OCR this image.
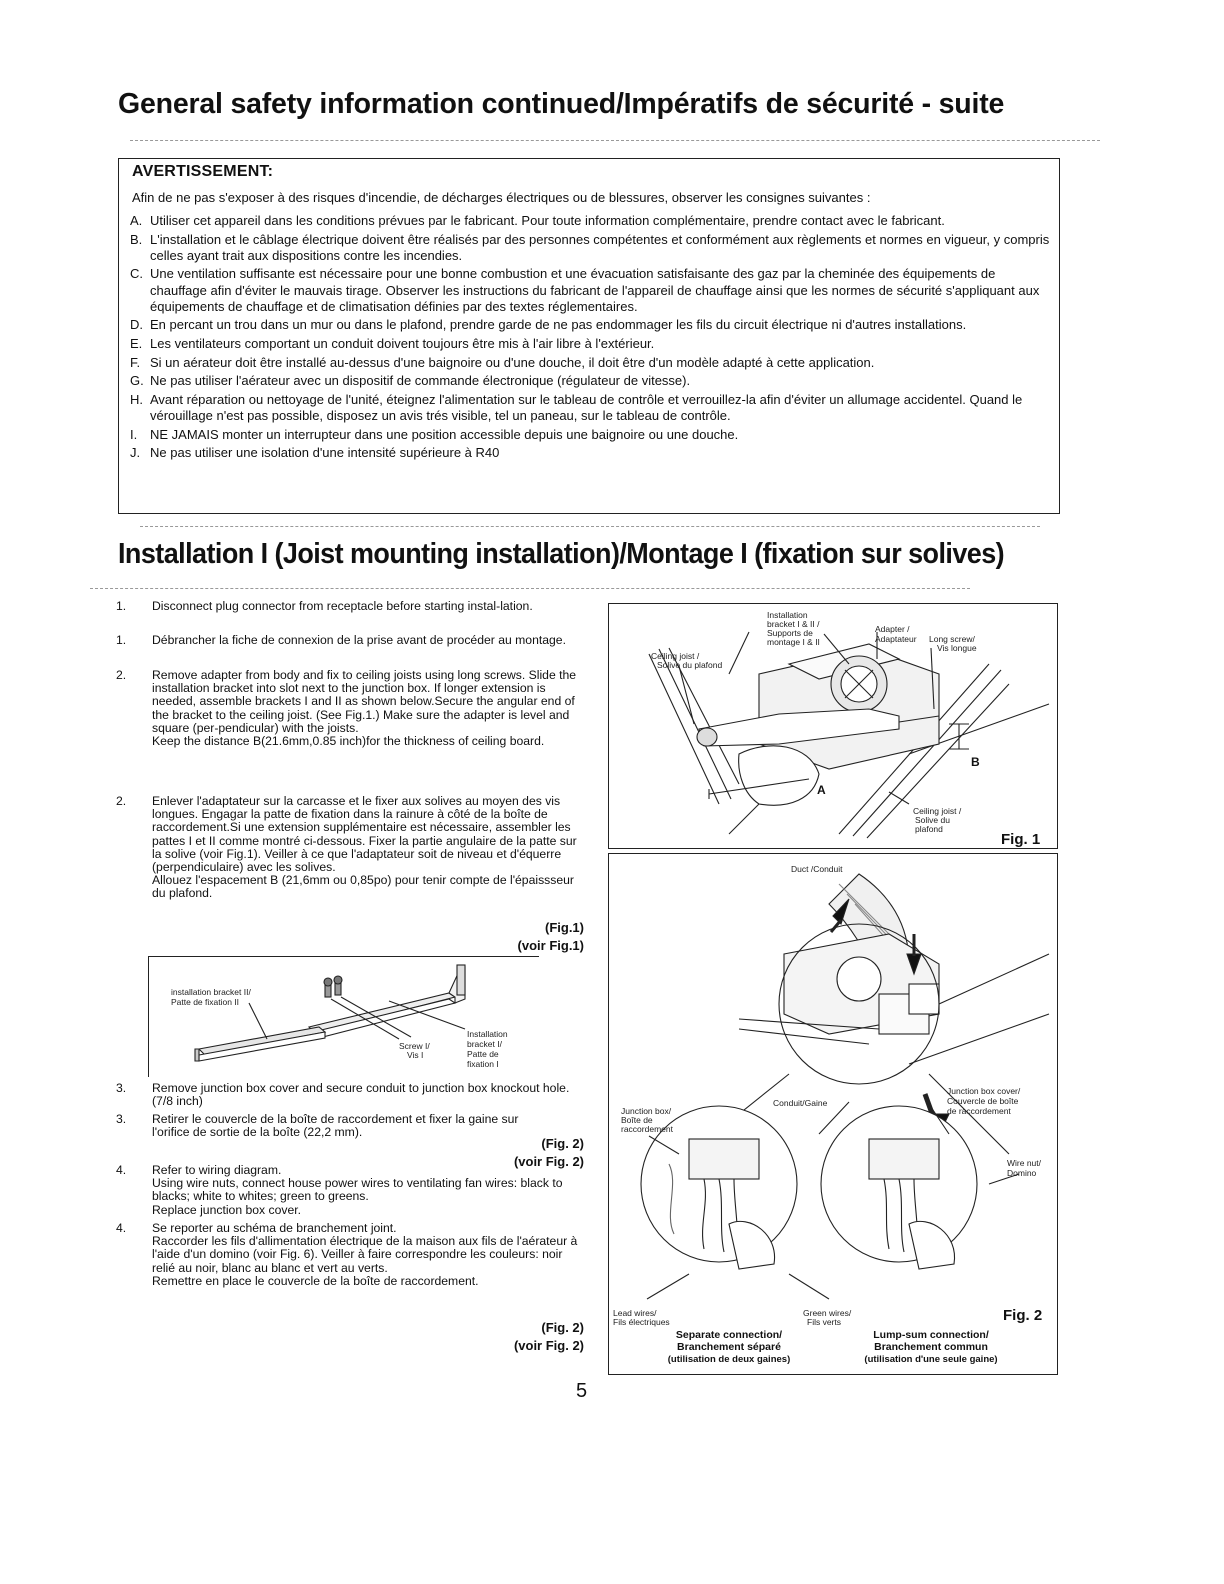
General safety information continued/Impératifs de sécurité - suite
AVERTISSEMENT:
Afin de ne pas s'exposer à des risques d'incendie, de décharges électriques ou de blessures, observer les consignes suivantes :
A. Utiliser cet appareil dans les conditions prévues par le fabricant. Pour toute information complémentaire, prendre contact avec le fabricant.
B. L'installation et le câblage électrique doivent être réalisés par des personnes compétentes et conformément aux règlements et normes en vigueur, y compris celles ayant trait aux dispositions contre les incendies.
C. Une ventilation suffisante est nécessaire pour une bonne combustion et une évacuation satisfaisante des gaz par la cheminée des équipements de chauffage afin d'éviter le mauvais tirage. Observer les instructions du fabricant de l'appareil de chauffage ainsi que les normes de sécurité s'appliquant aux équipements de chauffage et de climatisation définies par des textes réglementaires.
D. En percant un trou dans un mur ou dans le plafond, prendre garde de ne pas endommager les fils du circuit électrique ni d'autres installations.
E. Les ventilateurs comportant un conduit doivent toujours être mis à l'air libre à l'extérieur.
F. Si un aérateur doit être installé au-dessus d'une baignoire ou d'une douche, il doit être d'un modèle adapté à cette application.
G. Ne pas utiliser l'aérateur avec un dispositif de commande électronique (régulateur de vitesse).
H. Avant réparation ou nettoyage de l'unité, éteignez l'alimentation sur le tableau de contrôle et verrouillez-la afin d'éviter un allumage accidentel. Quand le vérouillage n'est pas possible, disposez un avis trés visible, tel un paneau, sur le tableau de contrôle.
I. NE JAMAIS monter un interrupteur dans une position accessible depuis une baignoire ou une douche.
J. Ne pas utiliser une isolation d'une intensité supérieure à R40
Installation I (Joist mounting installation)/Montage I (fixation sur solives)
1. Disconnect plug connector from receptacle before starting instal-lation.
1. Débrancher la fiche de connexion de la prise avant de procéder au montage.
2. Remove adapter from body and fix to ceiling joists using long screws. Slide the installation bracket into slot next to the junction box. If longer extension is needed, assemble brackets I and II as shown below.Secure the angular end of the bracket to the ceiling joist. (See Fig.1.) Make sure the adapter is level and square (per-pendicular) with the joists.
Keep the distance B(21.6mm,0.85 inch)for the thickness of ceiling board.
2. Enlever l'adaptateur sur la carcasse et le fixer aux solives au moyen des vis longues. Engagar la patte de fixation dans la rainure à côté de la boîte de raccordement.Si une extension supplémentaire est nécessaire, assembler les pattes I et II comme montré ci-dessous. Fixer la partie angulaire de la patte sur la solive (voir Fig.1). Veiller à ce que l'adaptateur soit de niveau et d'équerre (perpendiculaire) avec les solives.
Allouez l'espacement B (21,6mm ou 0,85po) pour tenir compte de l'épaissseur du plafond.
(Fig.1)
(voir Fig.1)
installation bracket II/
Patte de fixation II
Screw I/
Vis I
Installation
bracket I/
Patte de
fixation I
3. Remove junction box cover and secure conduit to junction box knockout hole. (7/8 inch)
3. Retirer le couvercle de la boîte de raccordement et fixer la gaine sur l'orifice de sortie de la boîte (22,2 mm).
(Fig. 2)
(voir Fig. 2)
4. Refer to wiring diagram.
Using wire nuts, connect house power wires to ventilating fan wires: black to blacks; white to whites; green to greens.
Replace junction box cover.
4. Se reporter au schéma de branchement joint.
Raccorder les fils d'allimentation électrique de la maison aux fils de l'aérateur à l'aide d'un domino (voir Fig. 6). Veiller à faire correspondre les couleurs: noir relié au noir, blanc au blanc et vert au verts.
Remettre en place le couvercle de la boîte de raccordement.
(Fig. 2)
(voir Fig. 2)
Installation
bracket I & II /
Supports de
montage I & II
Adapter /
Adaptateur Long screw/
Vis longue
Ceiling joist /
Solive du plafond
Ceiling joist /
Solive du
plafond
A
B
Fig. 1
Duct /Conduit
Conduit/Gaine
Junction box cover/
Couvercle de boîte
de raccordement
Junction box/
Boîte de
raccordement
Wire nut/
Domino
Lead wires/
Fils électriques
Green wires/
Fils verts	Fig. 2
Separate connection/
Branchement séparé
(utilisation de deux gaines)
Lump-sum connection/
Branchement commun
(utilisation d'une seule gaine)
5
